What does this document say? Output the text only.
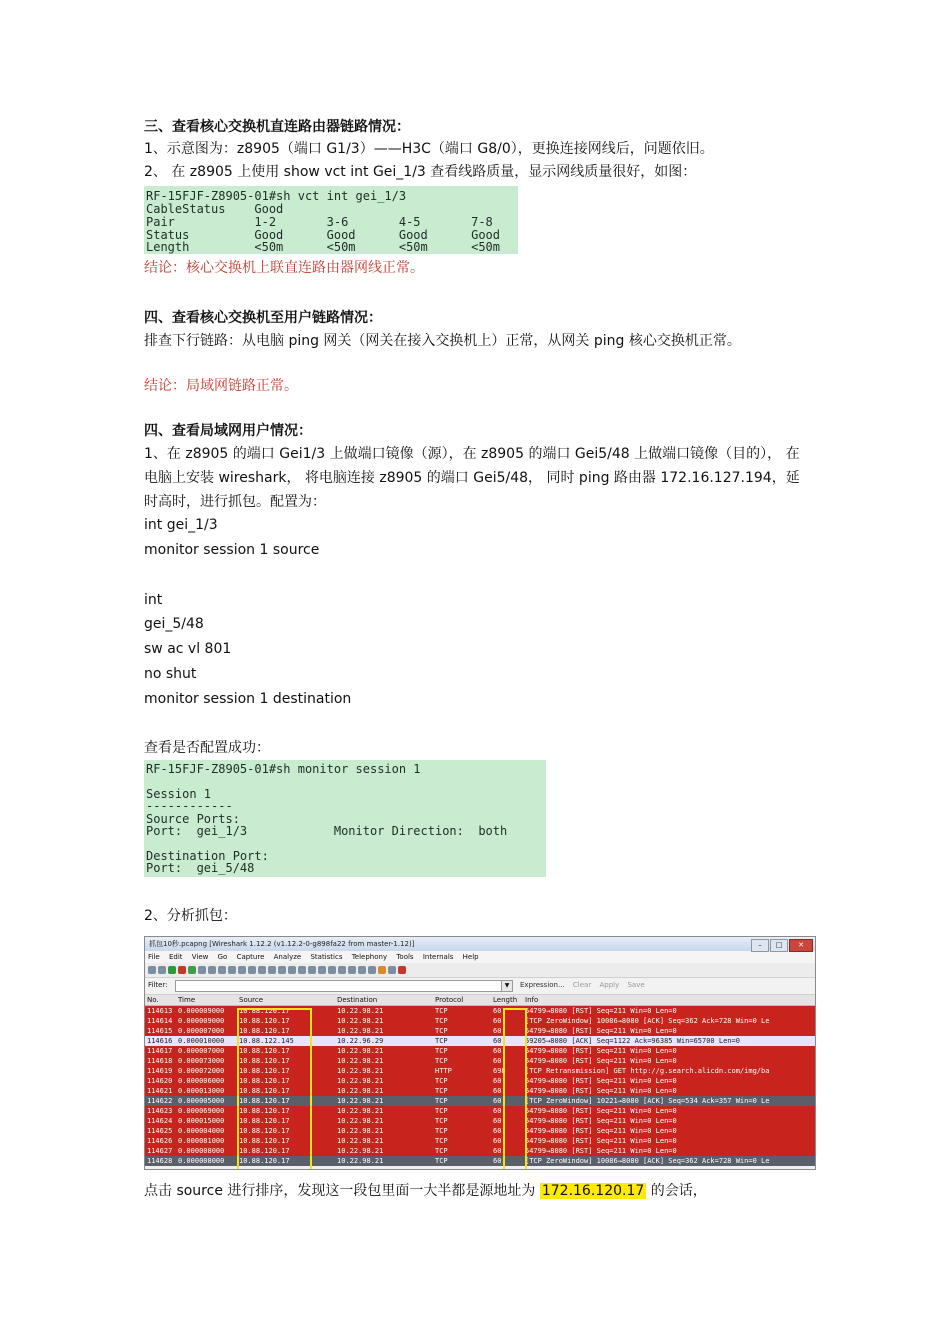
三、查看核心交换机直连路由器链路情况：
1、示意图为：z8905（端口 G1/3）——H3C（端口 G8/0），更换连接网线后，问题依旧。
2、 在 z8905 上使用 show vct int Gei_1/3 查看线路质量，显示网线质量很好，如图：

RF-15FJF-Z8905-01#sh vct int gei_1/3

CableStatus    Good

Pair           1-2       3-6       4-5       7-8

Status         Good      Good      Good      Good

Length         <50m      <50m      <50m      <50m

结论：核心交换机上联直连路由器网线正常。
四、查看核心交换机至用户链路情况：
排查下行链路：从电脑 ping 网关（网关在接入交换机上）正常，从网关 ping 核心交换机正常。
结论：局域网链路正常。
四、查看局域网用户情况：
1、在 z8905 的端口 Gei1/3 上做端口镜像（源），在 z8905 的端口 Gei5/48 上做端口镜像（目的）， 在电脑上安装 wireshark， 将电脑连接 z8905 的端口 Gei5/48， 同时 ping 路由器 172.16.127.194，延时高时，进行抓包。配置为：
int gei_1/3
monitor session 1 source
int
gei_5/48
sw ac vl 801
no shut
monitor session 1 destination
查看是否配置成功：

RF-15FJF-Z8905-01#sh monitor session 1

Session 1

------------

Source Ports:

Port:  gei_1/3            Monitor Direction:  both

Destination Port:

Port:  gei_5/48

2、分析抓包：
点击 source 进行排序，发现这一段包里面一大半都是源地址为 172.16.120.17 的会话，
抓包10秒.pcapng [Wireshark 1.12.2 (v1.12.2-0-g898fa22 from master-1.12)]	– □ ✕
File Edit View Go Capture Analyze Statistics Telephony Tools Internals Help
Filter:	▼	Expression... Clear Apply Save
No.	Time	Source	Destination	Protocol	Length Info
114613 0.000009000 10.88.120.17	10.22.98.21	TCP	60	54799→8080 [RST] Seq=211 Win=0 Len=0
114614 0.000009000 10.88.120.17	10.22.98.21	TCP	60	[TCP ZeroWindow] 10086→8080 [ACK] Seq=362 Ack=728 Win=0 Le
114615 0.000007000 10.88.120.17	10.22.98.21	TCP	60	54799→8080 [RST] Seq=211 Win=0 Len=0
114616 0.000010000 10.88.122.145	10.22.96.29	TCP	60	59205→8080 [ACK] Seq=1122 Ack=96385 Win=65700 Len=0
114617 0.000007000 10.88.120.17	10.22.98.21	TCP	60	54799→8080 [RST] Seq=211 Win=0 Len=0
114618 0.000073000 10.88.120.17	10.22.98.21	TCP	60	54799→8080 [RST] Seq=211 Win=0 Len=0
114619 0.000072000 10.88.120.17	10.22.98.21	HTTP	698	[TCP Retransmission] GET http://g.search.alicdn.com/img/ba
114620 0.000006000 10.88.120.17	10.22.98.21	TCP	60	54799→8080 [RST] Seq=211 Win=0 Len=0
114621 0.000013000 10.88.120.17	10.22.98.21	TCP	60	54799→8080 [RST] Seq=211 Win=0 Len=0
114622 0.000005000 10.88.120.17	10.22.98.21	TCP	60	[TCP ZeroWindow] 10221→8080 [ACK] Seq=534 Ack=357 Win=0 Le
114623 0.000069000 10.88.120.17	10.22.98.21	TCP	60	54799→8080 [RST] Seq=211 Win=0 Len=0
114624 0.000015000 10.88.120.17	10.22.98.21	TCP	60	54799→8080 [RST] Seq=211 Win=0 Len=0
114625 0.000004000 10.88.120.17	10.22.98.21	TCP	60	54799→8080 [RST] Seq=211 Win=0 Len=0
114626 0.000081000 10.88.120.17	10.22.98.21	TCP	60	54799→8080 [RST] Seq=211 Win=0 Len=0
114627 0.000008000 10.88.120.17	10.22.98.21	TCP	60	54799→8080 [RST] Seq=211 Win=0 Len=0
114628 0.000008000 10.88.120.17	10.22.98.21	TCP	60	[TCP ZeroWindow] 10086→8080 [ACK] Seq=362 Ack=728 Win=0 Le
